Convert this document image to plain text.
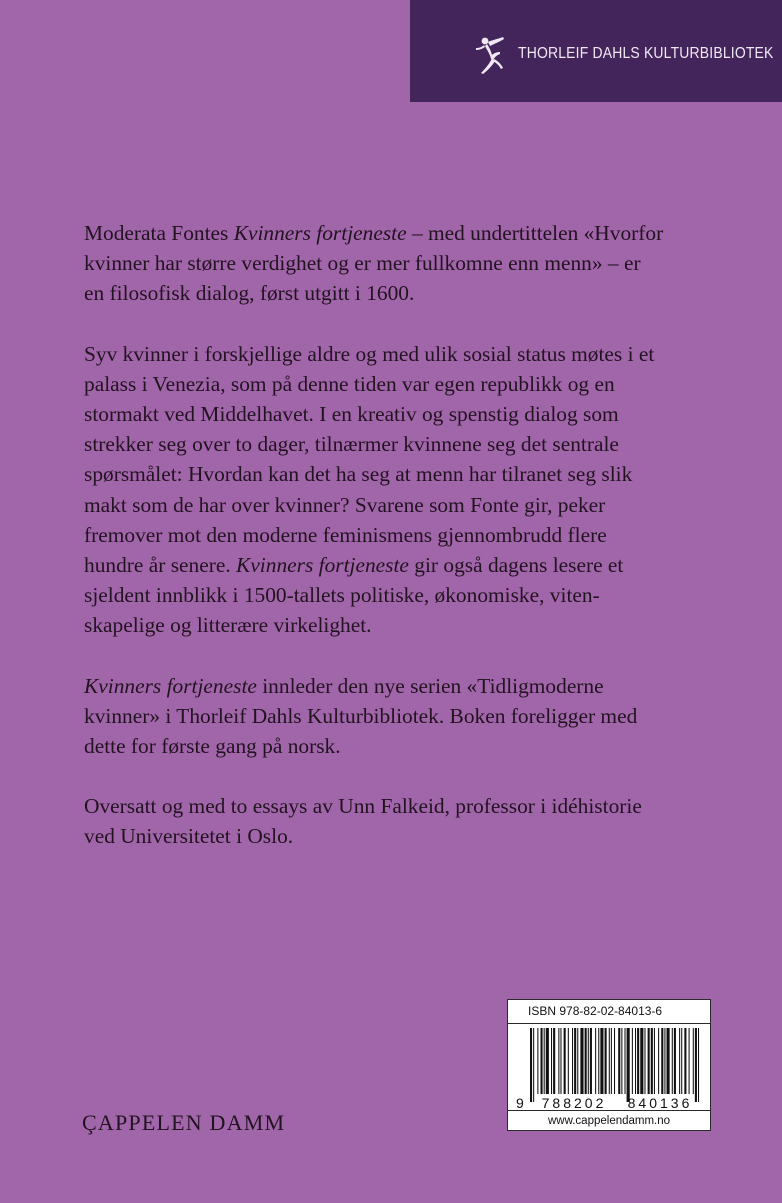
THORLEIF DAHLS KULTURBIBLIOTEK

Moderata Fontes Kvinners fortjeneste – med undertittelen «Hvorfor
kvinner har større verdighet og er mer fullkomne enn menn» – er
en filosofisk dialog, først utgitt i 1600.

Syv kvinner i forskjellige aldre og med ulik sosial status møtes i et
palass i Venezia, som på denne tiden var egen republikk og en
stormakt ved Middelhavet. I en kreativ og spenstig dialog som
strekker seg over to dager, tilnærmer kvinnene seg det sentrale
spørsmålet: Hvordan kan det ha seg at menn har tilranet seg slik
makt som de har over kvinner? Svarene som Fonte gir, peker
fremover mot den moderne feminismens gjennombrudd flere
hundre år senere. Kvinners fortjeneste gir også dagens lesere et
sjeldent innblikk i 1500-tallets politiske, økonomiske, viten-
skapelige og litterære virkelighet.

Kvinners fortjeneste innleder den nye serien «Tidligmoderne
kvinner» i Thorleif Dahls Kulturbibliotek. Boken foreligger med
dette for første gang på norsk.

Oversatt og med to essays av Unn Falkeid, professor i idéhistorie
ved Universitetet i Oslo.

ÇAPPELEN DAMM
ISBN 978-82-02-84013-6
9 788202 840136
www.cappelendamm.no
